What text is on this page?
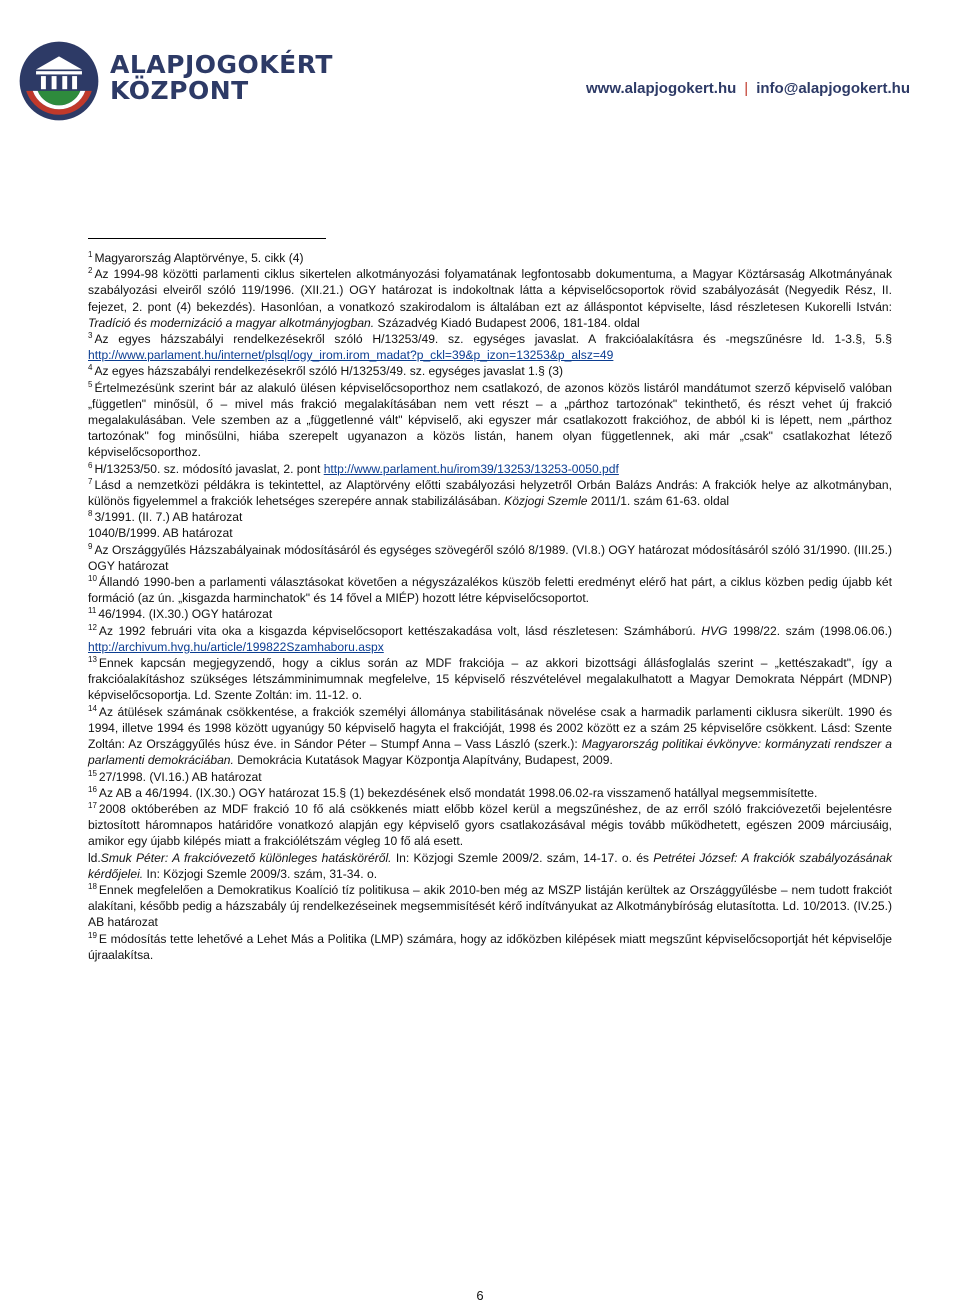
ALAPJOGOKÉRT
KÖZPONT	www.alapjogokert.hu | info@alapjogokert.hu

$^1$ Magyarország Alaptörvénye, 5. cikk (4)

$^2$ Az 1994-98 közötti parlamenti ciklus sikertelen alkotmányozási folyamatának legfontosabb dokumentuma, a Magyar Köztársaság Alkotmányának szabályozási elveiről szóló 119/1996. (XII.21.) OGY határozat is indokoltnak látta a képviselőcsoportok rövid szabályozását (Negyedik Rész, II. fejezet, 2. pont (4) bekezdés). Hasonlóan, a vonatkozó szakirodalom is általában ezt az álláspontot képviselte, lásd részletesen Kukorelli István: Tradíció és modernizáció a magyar alkotmányjogban. Századvég Kiadó Budapest 2006, 181-184. oldal

$^3$ Az egyes házszabályi rendelkezésekről szóló H/13253/49. sz. egységes javaslat. A frakcióalakításra és -megszűnésre ld. 1-3.§, 5.§ http://www.parlament.hu/internet/plsql/ogy_irom.irom_madat?p_ckl=39&p_izon=13253&p_alsz=49

$^4$ Az egyes házszabályi rendelkezésekről szóló H/13253/49. sz. egységes javaslat 1.§ (3)

$^5$ Értelmezésünk szerint bár az alakuló ülésen képviselőcsoporthoz nem csatlakozó, de azonos közös listáról mandátumot szerző képviselő valóban „független" minősül, ő – mivel más frakció megalakításában nem vett részt – a „párthoz tartozónak" tekinthető, és részt vehet új frakció megalakulásában. Vele szemben az a „függetlenné vált" képviselő, aki egyszer már csatlakozott frakcióhoz, de abból ki is lépett, nem „párthoz tartozónak" fog minősülni, hiába szerepelt ugyanazon a közös listán, hanem olyan függetlennek, aki már „csak" csatlakozhat létező képviselőcsoporthoz.

$^6$ H/13253/50. sz. módosító javaslat, 2. pont http://www.parlament.hu/irom39/13253/13253-0050.pdf

$^7$ Lásd a nemzetközi példákra is tekintettel, az Alaptörvény előtti szabályozási helyzetről Orbán Balázs András: A frakciók helye az alkotmányban, különös figyelemmel a frakciók lehetséges szerepére annak stabilizálásában. Közjogi Szemle 2011/1. szám 61-63. oldal

$^8$ 3/1991. (II. 7.) AB határozat
1040/B/1999. AB határozat

$^9$ Az Országgyűlés Házszabályainak módosításáról és egységes szövegéről szóló 8/1989. (VI.8.) OGY határozat módosításáról szóló 31/1990. (III.25.) OGY határozat

$^{10}$ Állandó 1990-ben a parlamenti választásokat követően a négyszázalékos küszöb feletti eredményt elérő hat párt, a ciklus közben pedig újabb két formáció (az ún. „kisgazda harminchatok" és 14 fővel a MIÉP) hozott létre képviselőcsoportot.

$^{11}$ 46/1994. (IX.30.) OGY határozat

$^{12}$ Az 1992 februári vita oka a kisgazda képviselőcsoport kettészakadása volt, lásd részletesen: Számháború. HVG 1998/22. szám (1998.06.06.) http://archivum.hvg.hu/article/199822Szamhaboru.aspx

$^{13}$ Ennek kapcsán megjegyzendő, hogy a ciklus során az MDF frakciója – az akkori bizottsági állásfoglalás szerint – „kettészakadt", így a frakcióalakításhoz szükséges létszámminimumnak megfelelve, 15 képviselő részvételével megalakulhatott a Magyar Demokrata Néppárt (MDNP) képviselőcsoportja. Ld. Szente Zoltán: im. 11-12. o.

$^{14}$ Az átülések számának csökkentése, a frakciók személyi állománya stabilitásának növelése csak a harmadik parlamenti ciklusra sikerült. 1990 és 1994, illetve 1994 és 1998 között ugyanúgy 50 képviselő hagyta el frakcióját, 1998 és 2002 között ez a szám 25 képviselőre csökkent. Lásd: Szente Zoltán: Az Országgyűlés húsz éve. in Sándor Péter – Stumpf Anna – Vass László (szerk.): Magyarország politikai évkönyve: kormányzati rendszer a parlamenti demokráciában. Demokrácia Kutatások Magyar Központja Alapítvány, Budapest, 2009.

$^{15}$ 27/1998. (VI.16.) AB határozat

$^{16}$ Az AB a 46/1994. (IX.30.) OGY határozat 15.§ (1) bekezdésének első mondatát 1998.06.02-ra visszamenő hatállyal megsemmisítette.

$^{17}$ 2008 októberében az MDF frakció 10 fő alá csökkenés miatt előbb közel kerül a megszűnéshez, de az erről szóló frakcióvezetői bejelentésre biztosított háromnapos határidőre vonatkozó alapján egy képviselő gyors csatlakozásával mégis tovább működhetett, egészen 2009 márciusáig, amikor egy újabb kilépés miatt a frakciólétszám végleg 10 fő alá esett.
ld.Smuk Péter: A frakcióvezető különleges hatásköréről. In: Közjogi Szemle 2009/2. szám, 14-17. o. és Petrétei József: A frakciók szabályozásának kérdőjelei. In: Közjogi Szemle 2009/3. szám, 31-34. o.

$^{18}$ Ennek megfelelően a Demokratikus Koalíció tíz politikusa – akik 2010-ben még az MSZP listáján kerültek az Országgyűlésbe – nem tudott frakciót alakítani, később pedig a házszabály új rendelkezéseinek megsemmisítését kérő indítványukat az Alkotmánybíróság elutasította. Ld. 10/2013. (IV.25.) AB határozat

$^{19}$ E módosítás tette lehetővé a Lehet Más a Politika (LMP) számára, hogy az időközben kilépések miatt megszűnt képviselőcsoportját hét képviselője újraalakítsa.

6
